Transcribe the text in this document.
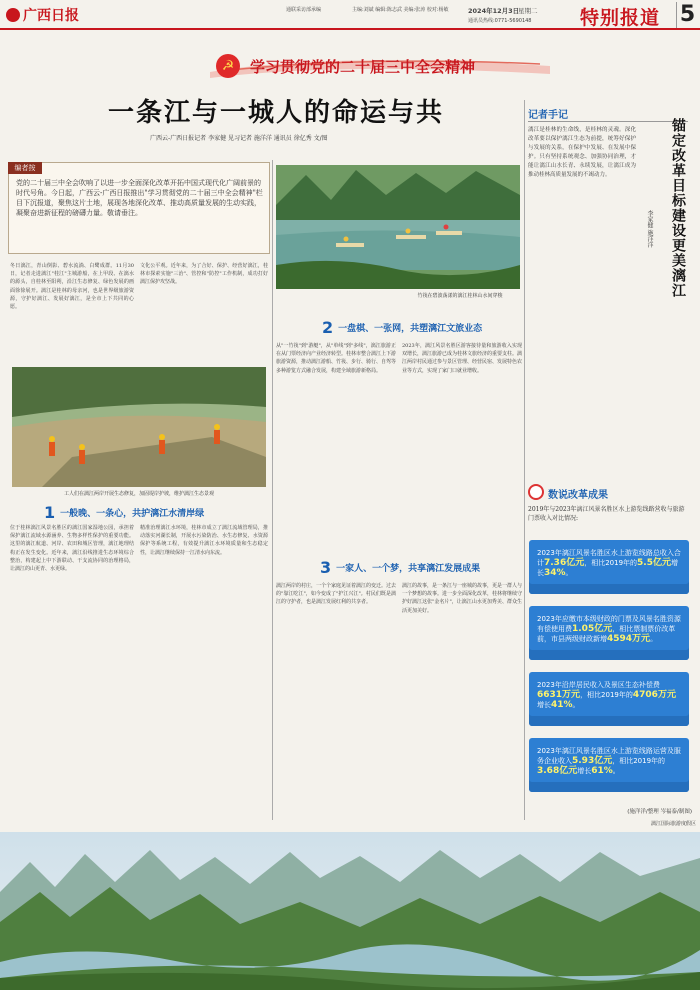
广西日报	通联采访部承编	主编:刘斌 编辑:陈志武 美编:张涛 校对:杨敏	2024年12月3日
星期二
通讯员热线:0771-5690148	特别报道 5
☭	学习贯彻党的二十届三中全会精神
一条江与一城人的命运与共
广西云-广西日报记者 李家健 见习记者 施洋洋 通讯员 徐亿秀 文/图
编者按
党的二十届三中全会吹响了以进一步全面深化改革开拓中国式现代化广阔前景的时代号角。今日起，广西云-广西日报推出"学习贯彻党的二十届三中全会精神"栏目下沉报道，聚焦这片土地，展现各地深化改革、推动高质量发展的生动实践，凝聚奋进新征程的磅礴力量。敬请垂注。
竹筏在碧波荡漾的漓江桂林山水间穿梭
冬日漓江，青山倒影、碧水流淌、白鹭成群。11月30日，记者走进漓江"桂江"主城游船，在上甲段、在漓水的源头，自桂林至阳朔，沿江生态修复、绿色发展的画面徐徐展开。漓江是桂林的母亲河，也是世界级旅游资源，守护好漓江、发展好漓江，是全市上下共同的心愿。
文化公平观。近年来，为了合好、保护、经营好漓江，桂林市探索实施"三治"、管控和"防控"工作机制，成功打好漓江保护攻坚战。
工人们在漓江两岸开展生态修复，加固堤岸护坡，维护漓江生态景观
1 一般晚、一条心，共护漓江水清岸绿
位于桂林漓江风景名胜区的漓江国家湿地公园，承担着保护漓江流域水源涵养、生物多样性保护的重要功能。这里的漓江航道、河岸、农田和城区管理，漓江地理结构正在发生变化。近年来，漓江沿线推进生态环境综合整治，构建起上中下游联动、干支流协同的治理格局，让漓江的山更青、水更绿。
精准治理漓江水环境，桂林市成立了漓江流域管理局，推动落实河湖长制，开展水污染防治、水生态修复、水资源保护等系统工程，有效提升漓江水环境质量和生态稳定性，让漓江继续保持一江清水向东流。
2 一盘棋、一张网，共塑漓江文旅业态
从"一竹筏"到"游艇"，从"单线"到"多线"，漓江旅游正在从门票经济向产业经济转型。桂林市整合漓江上下游旅游资源，推动漓江游船、竹筏、步行、骑行、自驾等多种游览方式融合发展，构建全域旅游新格局。
2023年，漓江风景名胜区游客接待量和旅游收入实现双增长，漓江旅游已成为桂林文旅经济的重要支柱。漓江两岸村民通过参与景区管理、经营民宿、发展特色农业等方式，实现了家门口就业增收。
3 一家人、一个梦，共享漓江发展成果
漓江两岸的村庄，一个个家庭见证着漓江的变迁。过去的"靠江吃江"，如今变成了"护江兴江"。村民们既是漓江的守护者，也是漓江发展红利的共享者。
漓江的故事，是一条江与一座城的故事，更是一群人与一个梦想的故事。进一步全面深化改革，桂林将继续守护好漓江这张"金名片"，让漓江山水更加秀美、群众生活更加美好。
记者手记
锚定改革目标建设更美漓江
李家健 施洋洋
漓江是桂林的生命线，是桂林的灵魂。深化改革要以保护漓江生态为前提，统筹好保护与发展的关系，在保护中发展、在发展中保护。只有坚持系统观念、加强协同治理，才能让漓江山水长青、永续发展，让漓江成为推动桂林高质量发展的不竭动力。
数说改革成果
2019年与2023年漓江风景名胜区水上游览线路营收与旅游门票收入对比情况:
2023年漓江风景名胜区水上游览线路总收入合计7.36亿元，相比2019年的5.5亿元增长34%。
2023年应缴市本级财政的门票及风景名胜资源有偿使用费1.05亿元，相比票制票价改革前，市县两级财政新增4594万元。
2023年沿岸居民收入及景区生态补偿费6631万元，相比2019年的4706万元增长41%。
2023年漓江风景名胜区水上游览线路运营及服务企业收入5.93亿元，相比2019年的3.68亿元增长61%。
(施洋洋/整理 岑福泰/制图)
漓江国际旅游度假区
